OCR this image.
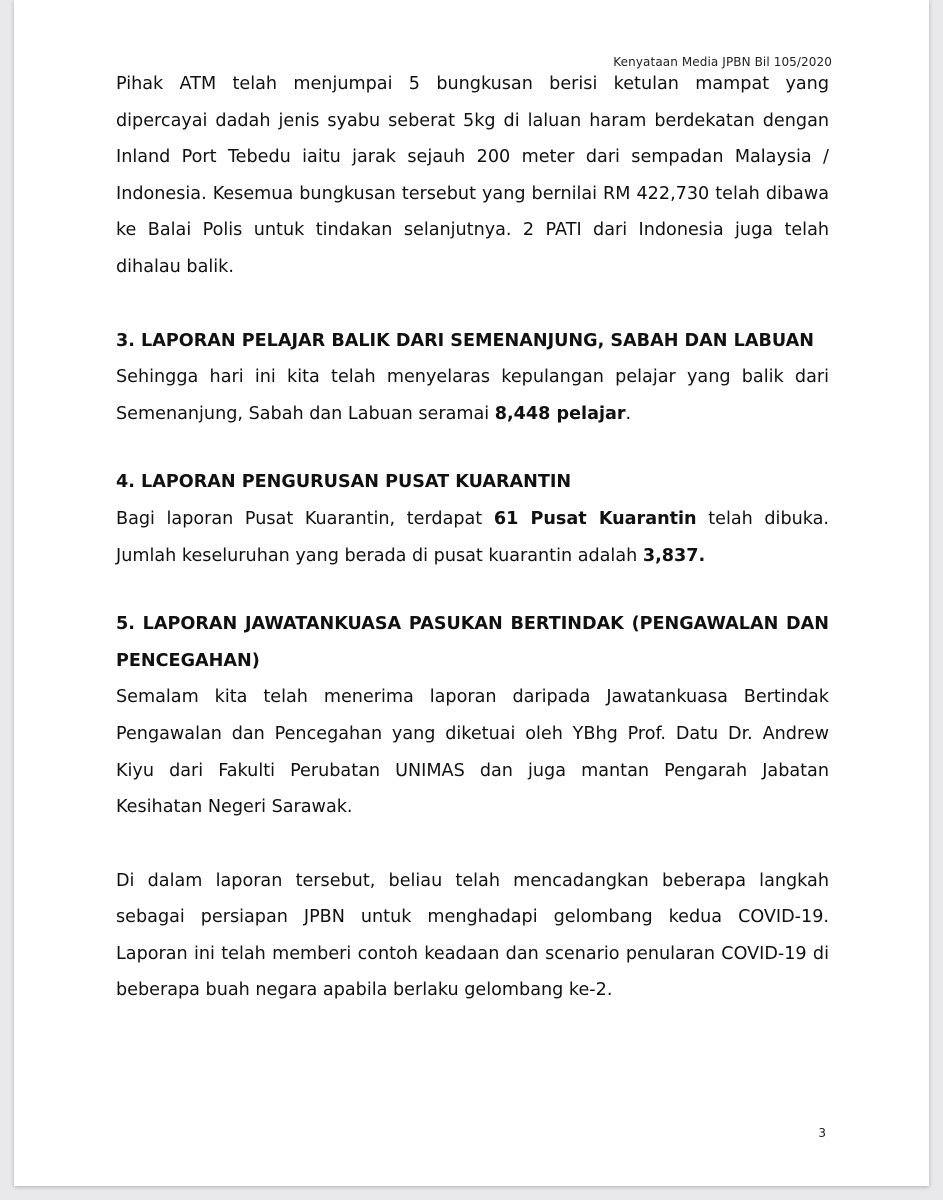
Kenyataan Media JPBN Bil 105/2020

Pihak ATM telah menjumpai 5 bungkusan berisi ketulan mampat yang dipercayai dadah jenis syabu seberat 5kg di laluan haram berdekatan dengan Inland Port Tebedu iaitu jarak sejauh 200 meter dari sempadan Malaysia / Indonesia. Kesemua bungkusan tersebut yang bernilai RM 422,730 telah dibawa ke Balai Polis untuk tindakan selanjutnya. 2 PATI dari Indonesia juga telah dihalau balik.

3. LAPORAN PELAJAR BALIK DARI SEMENANJUNG, SABAH DAN LABUAN

Sehingga hari ini kita telah menyelaras kepulangan pelajar yang balik dari Semenanjung, Sabah dan Labuan seramai 8,448 pelajar.

4. LAPORAN PENGURUSAN PUSAT KUARANTIN

Bagi laporan Pusat Kuarantin, terdapat 61 Pusat Kuarantin telah dibuka. Jumlah keseluruhan yang berada di pusat kuarantin adalah 3,837.

5. LAPORAN JAWATANKUASA PASUKAN BERTINDAK (PENGAWALAN DAN PENCEGAHAN)

Semalam kita telah menerima laporan daripada Jawatankuasa Bertindak Pengawalan dan Pencegahan yang diketuai oleh YBhg Prof. Datu Dr. Andrew Kiyu dari Fakulti Perubatan UNIMAS dan juga mantan Pengarah Jabatan Kesihatan Negeri Sarawak.

Di dalam laporan tersebut, beliau telah mencadangkan beberapa langkah sebagai persiapan JPBN untuk menghadapi gelombang kedua COVID-19. Laporan ini telah memberi contoh keadaan dan scenario penularan COVID-19 di beberapa buah negara apabila berlaku gelombang ke-2.

3
